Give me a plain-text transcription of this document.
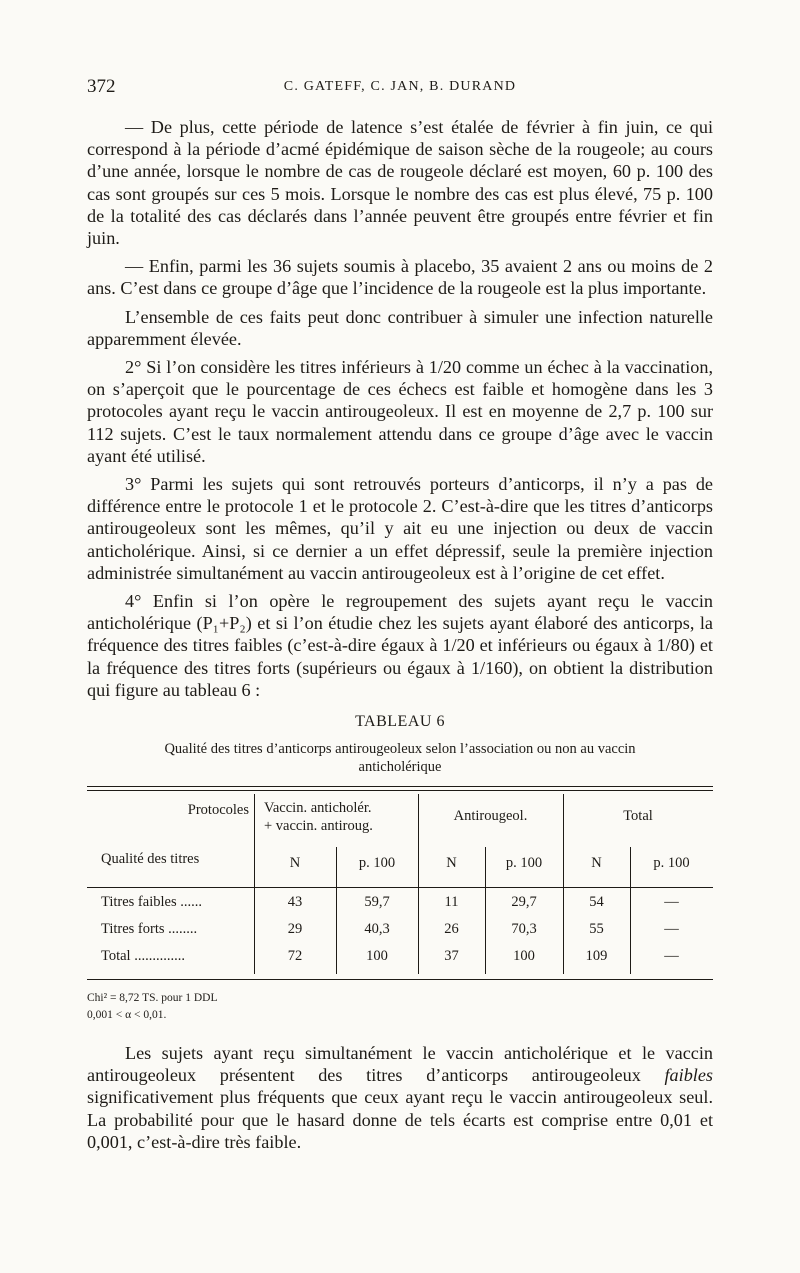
372	C. GATEFF, C. JAN, B. DURAND

— De plus, cette période de latence s’est étalée de février à fin juin, ce qui correspond à la période d’acmé épidémique de saison sèche de la rougeole; au cours d’une année, lorsque le nombre de cas de rougeole déclaré est moyen, 60 p. 100 des cas sont groupés sur ces 5 mois. Lorsque le nombre des cas est plus élevé, 75 p. 100 de la totalité des cas déclarés dans l’année peuvent être groupés entre février et fin juin.

— Enfin, parmi les 36 sujets soumis à placebo, 35 avaient 2 ans ou moins de 2 ans. C’est dans ce groupe d’âge que l’incidence de la rougeole est la plus importante.

L’ensemble de ces faits peut donc contribuer à simuler une infection naturelle apparemment élevée.

2° Si l’on considère les titres inférieurs à 1/20 comme un échec à la vaccination, on s’aperçoit que le pourcentage de ces échecs est faible et homogène dans les 3 protocoles ayant reçu le vaccin antirougeoleux. Il est en moyenne de 2,7 p. 100 sur 112 sujets. C’est le taux normalement attendu dans ce groupe d’âge avec le vaccin ayant été utilisé.

3° Parmi les sujets qui sont retrouvés porteurs d’anticorps, il n’y a pas de différence entre le protocole 1 et le protocole 2. C’est-à-dire que les titres d’anticorps antirougeoleux sont les mêmes, qu’il y ait eu une injection ou deux de vaccin anticholérique. Ainsi, si ce dernier a un effet dépressif, seule la première injection administrée simultanément au vaccin antirougeoleux est à l’origine de cet effet.

4° Enfin si l’on opère le regroupement des sujets ayant reçu le vaccin anticholérique (P₁+P₂) et si l’on étudie chez les sujets ayant élaboré des anticorps, la fréquence des titres faibles (c’est-à-dire égaux à 1/20 et inférieurs ou égaux à 1/80) et la fréquence des titres forts (supérieurs ou égaux à 1/160), on obtient la distribution qui figure au tableau 6 :

TABLEAU 6
Qualité des titres d’anticorps antirougeoleux selon l’association ou non au vaccin anticholérique
Protocoles
Qualité des titres
Vaccin. anticholér.
+ vaccin. antiroug.
Antirougeol.	Total
N	p. 100	N	p. 100	N	p. 100
Titres faibles ......	43	59,7	11	29,7	54	—
Titres forts ........	29	40,3	26	70,3	55	—
Total ..............	72	100	37	100	109	—
Chi² = 8,72 TS. pour 1 DDL
0,001 < α < 0,01.

Les sujets ayant reçu simultanément le vaccin anticholérique et le vaccin antirougeoleux présentent des titres d’anticorps antirougeoleux faibles significativement plus fréquents que ceux ayant reçu le vaccin antirougeoleux seul. La probabilité pour que le hasard donne de tels écarts est comprise entre 0,01 et 0,001, c’est-à-dire très faible.
